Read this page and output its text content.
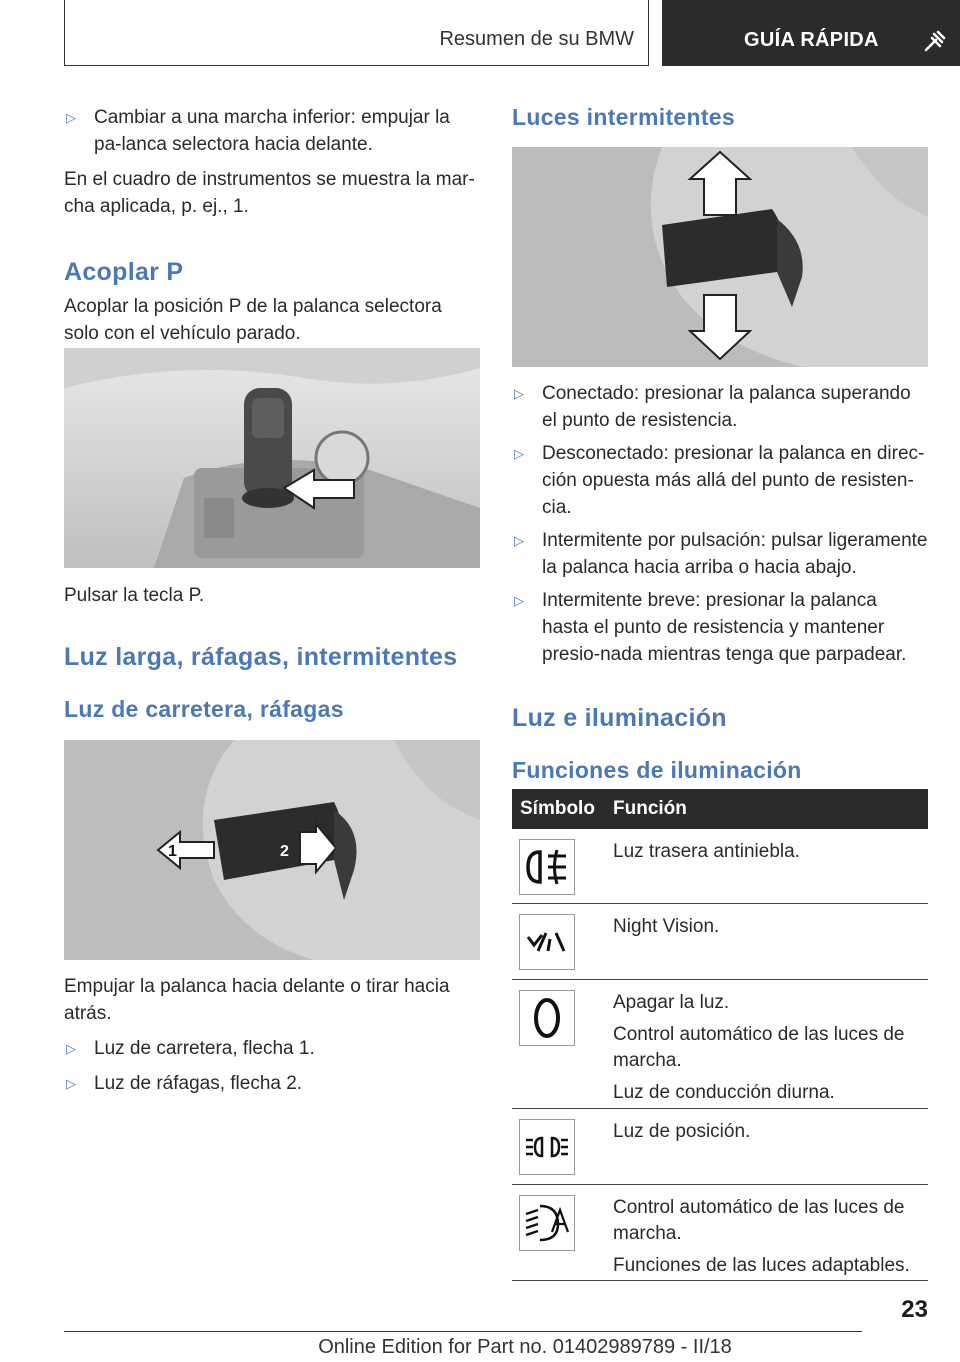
Resumen de su BMW	GUÍA RÁPIDA
▷ Cambiar a una marcha inferior: empujar la pa-lanca selectora hacia delante.
En el cuadro de instrumentos se muestra la mar-cha aplicada, p. ej., 1.
Acoplar P
Acoplar la posición P de la palanca selectora solo con el vehículo parado.
Pulsar la tecla P.
Luz larga, ráfagas, intermitentes
Luz de carretera, ráfagas
1	2
Empujar la palanca hacia delante o tirar hacia atrás.
▷ Luz de carretera, flecha 1.
▷ Luz de ráfagas, flecha 2.
Luces intermitentes
▷ Conectado: presionar la palanca superando el punto de resistencia.
▷ Desconectado: presionar la palanca en direc-ción opuesta más allá del punto de resisten-cia.
▷ Intermitente por pulsación: pulsar ligeramente la palanca hacia arriba o hacia abajo.
▷ Intermitente breve: presionar la palanca hasta el punto de resistencia y mantener presio-nada mientras tenga que parpadear.
Luz e iluminación
Funciones de iluminación
Símbolo Función
Luz trasera antiniebla.
Night Vision.
Apagar la luz.
Control automático de las luces de marcha.
Luz de conducción diurna.
Luz de posición.
Control automático de las luces de marcha.
Funciones de las luces adaptables.
23
Online Edition for Part no. 01402989789 - II/18
